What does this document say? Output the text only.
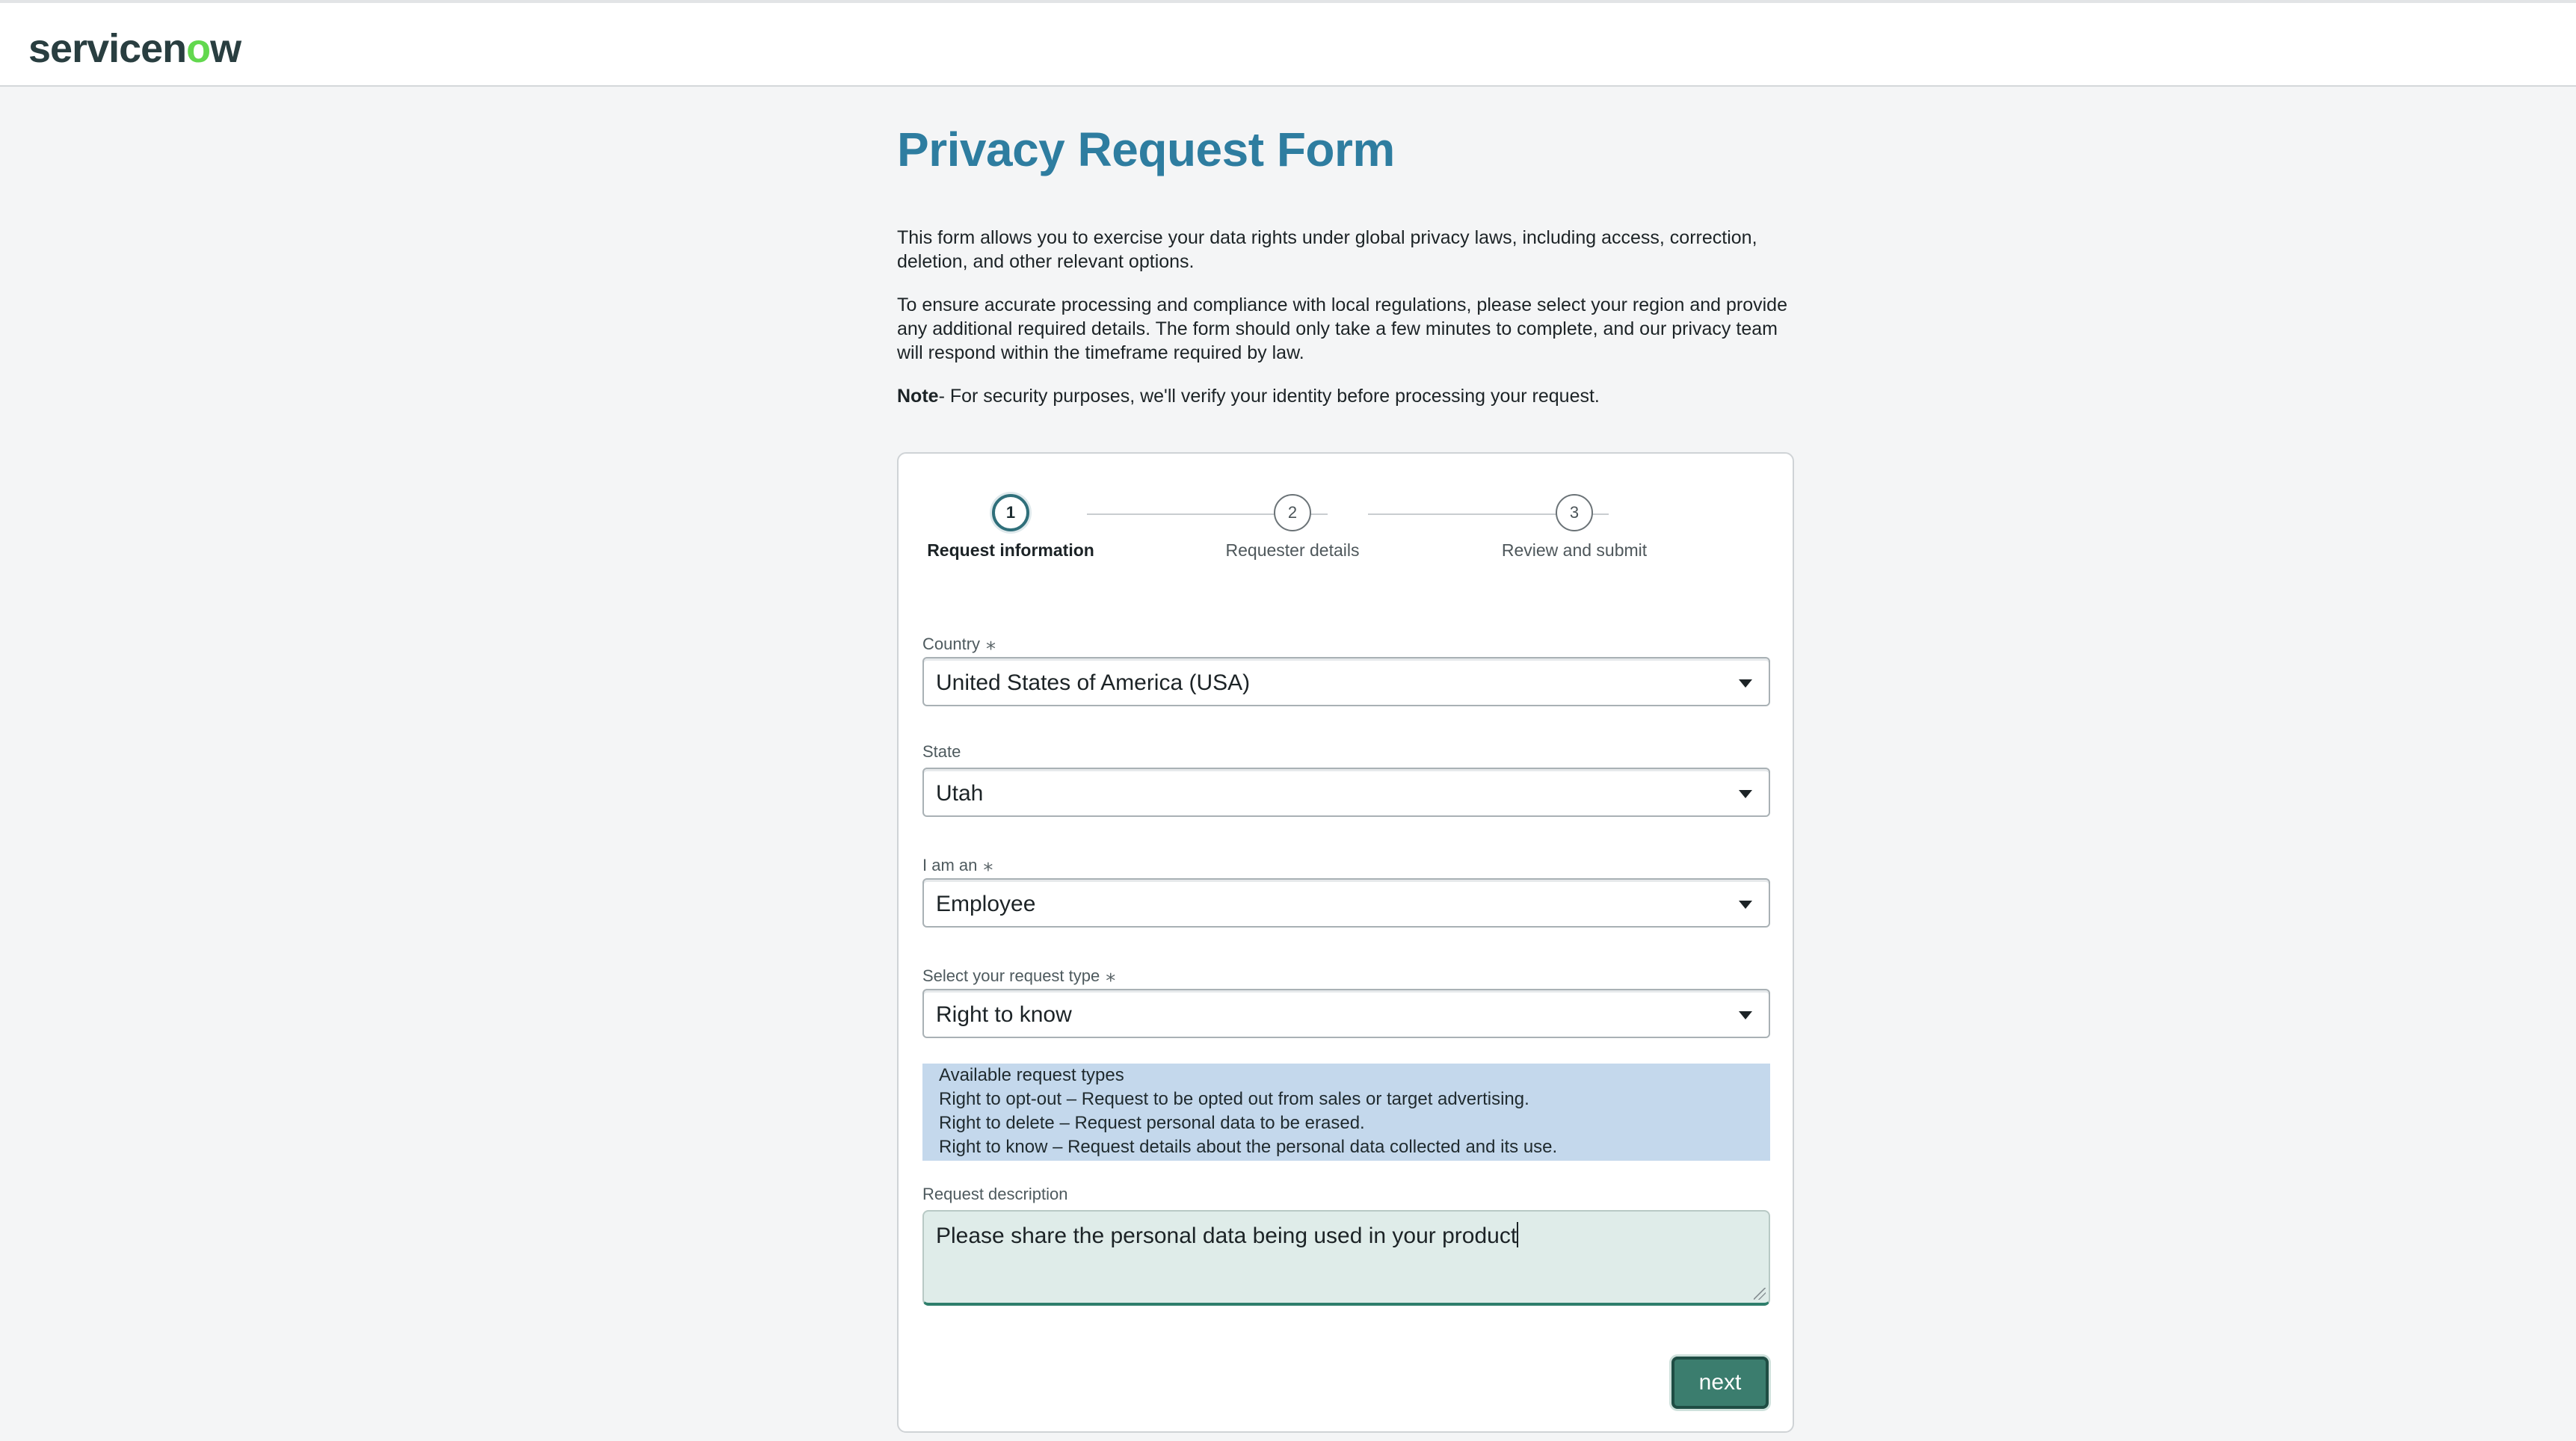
servicenow
Privacy Request Form

This form allows you to exercise your data rights under global privacy laws, including access, correction, deletion, and other relevant options.

To ensure accurate processing and compliance with local regulations, please select your region and provide any additional required details. The form should only take a few minutes to complete, and our privacy team will respond within the timeframe required by law.

Note- For security purposes, we'll verify your identity before processing your request.

1
Request information
2
Requester details
3
Review and submit
Country ⁎
United States of America (USA)
State
Utah
I am an ⁎
Employee
Select your request type ⁎
Right to know
Available request types
Right to opt-out – Request to be opted out from sales or target advertising.
Right to delete – Request personal data to be erased.
Right to know – Request details about the personal data collected and its use.
Request description
Please share the personal data being used in your product
next
